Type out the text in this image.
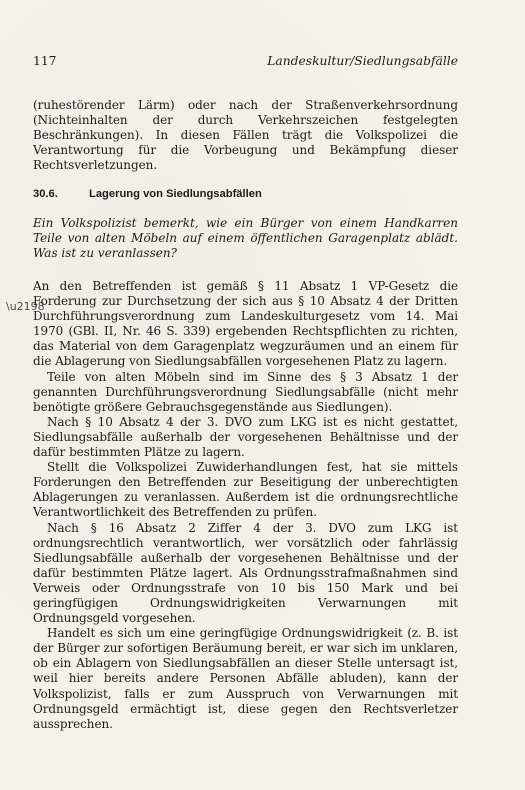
117	Landeskultur/Siedlungsabfälle
(ruhestörender Lärm) oder nach der Straßenverkehrsordnung (Nichteinhalten der durch Verkehrszeichen festgelegten Beschränkungen). In diesen Fällen trägt die Volkspolizei die Verantwortung für die Vorbeugung und Bekämpfung dieser Rechtsverletzungen.
30.6.	Lagerung von Siedlungsabfällen
Ein Volkspolizist bemerkt, wie ein Bürger von einem Handkarren Teile von alten Möbeln auf einem öffentlichen Garagenplatz ablädt. Was ist zu veranlassen?
\u2198

An den Betreffenden ist gemäß § 11 Absatz 1 VP-Gesetz die Forderung zur Durchsetzung der sich aus § 10 Absatz 4 der Dritten Durchführungsverordnung zum Landeskulturgesetz vom 14. Mai 1970 (GBl. II, Nr. 46 S. 339) ergebenden Rechtspflichten zu richten, das Material von dem Garagenplatz wegzuräumen und an einem für die Ablagerung von Siedlungsabfällen vorgesehenen Platz zu lagern.

Teile von alten Möbeln sind im Sinne des § 3 Absatz 1 der genannten Durchführungsverordnung Siedlungsabfälle (nicht mehr benötigte größere Gebrauchsgegenstände aus Siedlungen).

Nach § 10 Absatz 4 der 3. DVO zum LKG ist es nicht gestattet, Siedlungsabfälle außerhalb der vorgesehenen Behältnisse und der dafür bestimmten Plätze zu lagern.

Stellt die Volkspolizei Zuwiderhandlungen fest, hat sie mittels Forderungen den Betreffenden zur Beseitigung der unberechtigten Ablagerungen zu veranlassen. Außerdem ist die ordnungsrechtliche Verantwortlichkeit des Betreffenden zu prüfen.

Nach § 16 Absatz 2 Ziffer 4 der 3. DVO zum LKG ist ordnungsrechtlich verantwortlich, wer vorsätzlich oder fahrlässig Siedlungsabfälle außerhalb der vorgesehenen Behältnisse und der dafür bestimmten Plätze lagert. Als Ordnungsstrafmaßnahmen sind Verweis oder Ordnungsstrafe von 10 bis 150 Mark und bei geringfügigen Ordnungswidrigkeiten Verwarnungen mit Ordnungsgeld vorgesehen.

Handelt es sich um eine geringfügige Ordnungswidrigkeit (z. B. ist der Bürger zur sofortigen Beräumung bereit, er war sich im unklaren, ob ein Ablagern von Siedlungsabfällen an dieser Stelle untersagt ist, weil hier bereits andere Personen Abfälle abluden), kann der Volkspolizist, falls er zum Ausspruch von Verwarnungen mit Ordnungsgeld ermächtigt ist, diese gegen den Rechtsverletzer aussprechen.
